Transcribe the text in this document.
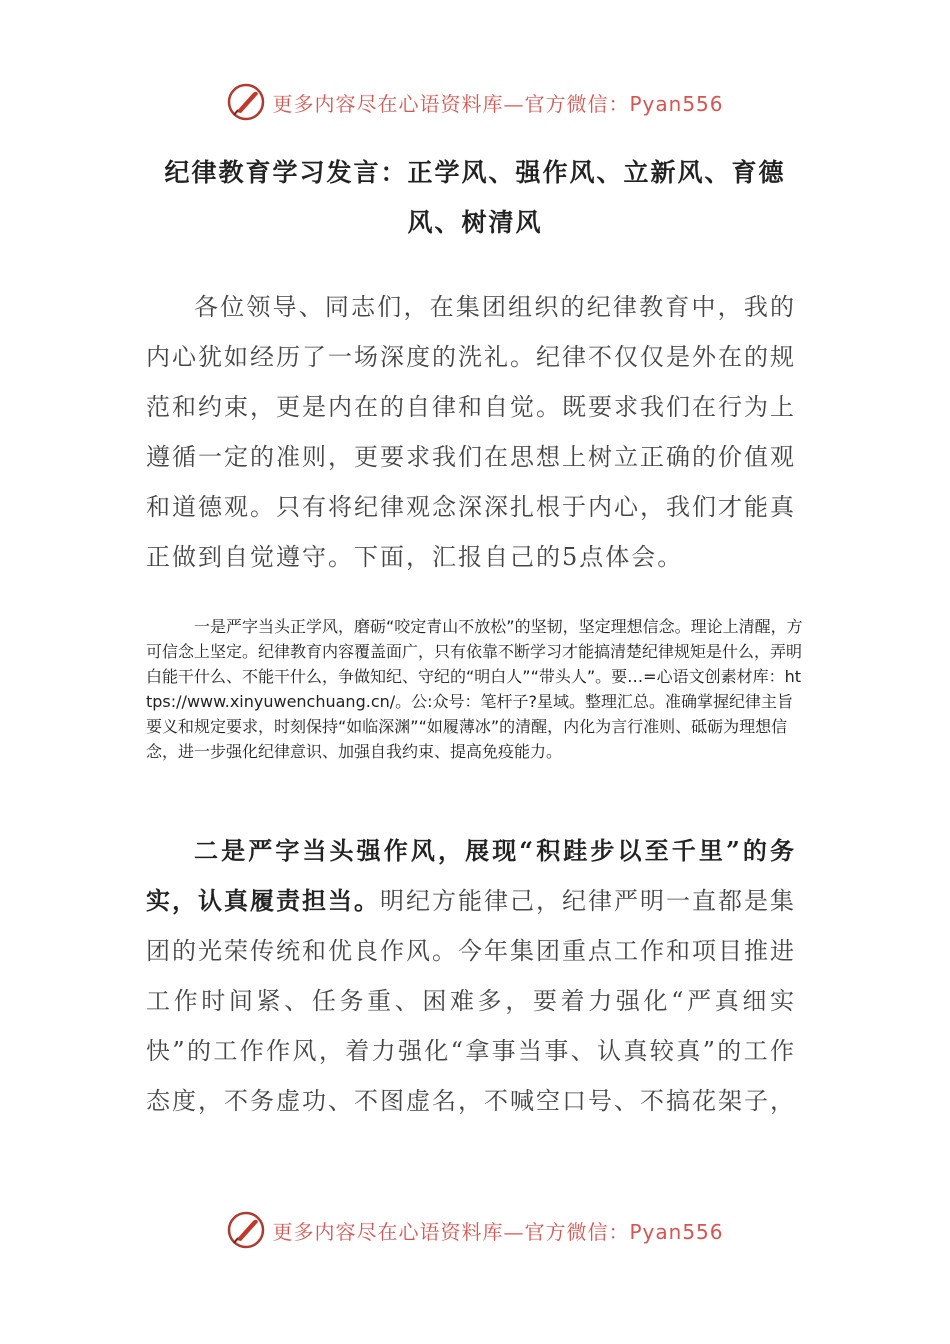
更多内容尽在心语资料库—官方微信：Pyan556
纪律教育学习发言：正学风、强作风、立新风、育德风、树清风
各位领导、同志们，在集团组织的纪律教育中，我的内心犹如经历了一场深度的洗礼。纪律不仅仅是外在的规范和约束，更是内在的自律和自觉。既要求我们在行为上遵循一定的准则，更要求我们在思想上树立正确的价值观和道德观。只有将纪律观念深深扎根于内心，我们才能真正做到自觉遵守。下面，汇报自己的5点体会。
一是严字当头正学风，磨砺“咬定青山不放松”的坚韧，坚定理想信念。理论上清醒，方可信念上坚定。纪律教育内容覆盖面广，只有依靠不断学习才能搞清楚纪律规矩是什么，弄明白能干什么、不能干什么，争做知纪、守纪的“明白人”“带头人”。要…=心语文创素材库：https://www.xinyuwenchuang.cn/。公:众号：笔杆子?星域。整理汇总。准确掌握纪律主旨要义和规定要求，时刻保持“如临深渊”“如履薄冰”的清醒，内化为言行准则、砥砺为理想信念，进一步强化纪律意识、加强自我约束、提高免疫能力。
二是严字当头强作风，展现“积跬步以至千里”的务实，认真履责担当。明纪方能律己，纪律严明一直都是集团的光荣传统和优良作风。今年集团重点工作和项目推进工作时间紧、任务重、困难多，要着力强化“严真细实快”的工作作风，着力强化“拿事当事、认真较真”的工作态度，不务虚功、不图虚名，不喊空口号、不搞花架子，
更多内容尽在心语资料库—官方微信：Pyan556
